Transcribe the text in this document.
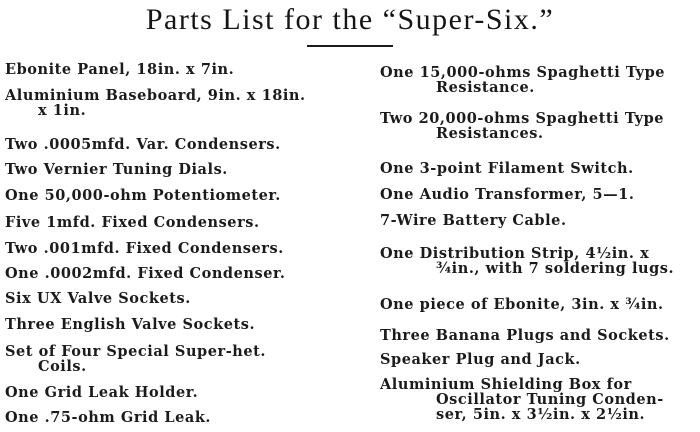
Parts List for the “Super-Six.”
Ebonite Panel, 18in. x 7in.
Aluminium Baseboard, 9in. x 18in.
x 1in.
Two .0005mfd. Var. Condensers.
Two Vernier Tuning Dials.
One 50,000-ohm Potentiometer.
Five 1mfd. Fixed Condensers.
Two .001mfd. Fixed Condensers.
One .0002mfd. Fixed Condenser.
Six UX Valve Sockets.
Three English Valve Sockets.
Set of Four Special Super-het.
Coils.
One Grid Leak Holder.
One .75-ohm Grid Leak.
One 15,000-ohms Spaghetti Type
Resistance.
Two 20,000-ohms Spaghetti Type
Resistances.
One 3-point Filament Switch.
One Audio Transformer, 5—1.
7-Wire Battery Cable.
One Distribution Strip, 4½in. x
¾in., with 7 soldering lugs.
One piece of Ebonite, 3in. x ¾in.
Three Banana Plugs and Sockets.
Speaker Plug and Jack.
Aluminium Shielding Box for
Oscillator Tuning Conden-
ser, 5in. x 3½in. x 2½in.
